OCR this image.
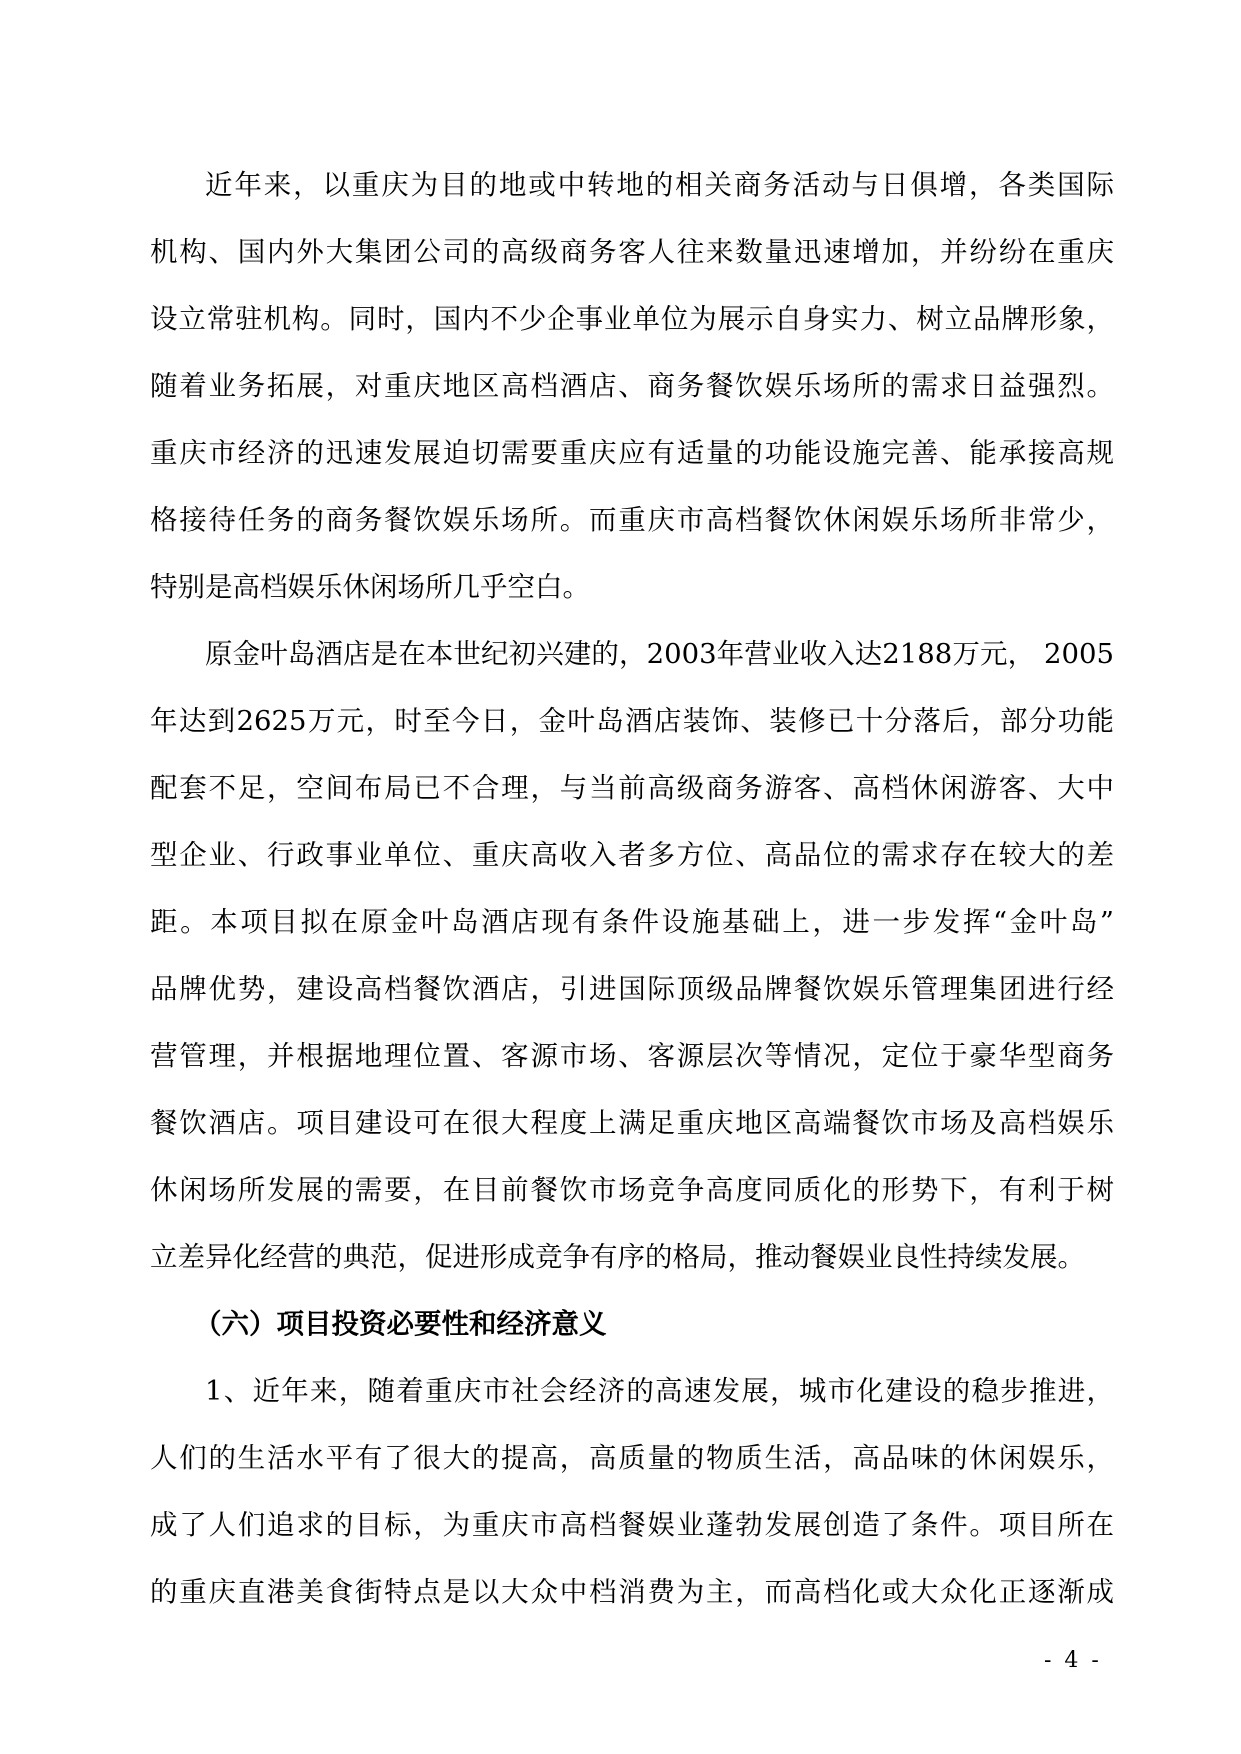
近年来，以重庆为目的地或中转地的相关商务活动与日俱增，各类国际
机构、国内外大集团公司的高级商务客人往来数量迅速增加，并纷纷在重庆
设立常驻机构。同时，国内不少企事业单位为展示自身实力、树立品牌形象，
随着业务拓展，对重庆地区高档酒店、商务餐饮娱乐场所的需求日益强烈。
重庆市经济的迅速发展迫切需要重庆应有适量的功能设施完善、能承接高规
格接待任务的商务餐饮娱乐场所。而重庆市高档餐饮休闲娱乐场所非常少，
特别是高档娱乐休闲场所几乎空白。
原金叶岛酒店是在本世纪初兴建的，2003年营业收入达2188万元， 2005
年达到2625万元，时至今日，金叶岛酒店装饰、装修已十分落后，部分功能
配套不足，空间布局已不合理，与当前高级商务游客、高档休闲游客、大中
型企业、行政事业单位、重庆高收入者多方位、高品位的需求存在较大的差
距。本项目拟在原金叶岛酒店现有条件设施基础上，进一步发挥“金叶岛”
品牌优势，建设高档餐饮酒店，引进国际顶级品牌餐饮娱乐管理集团进行经
营管理，并根据地理位置、客源市场、客源层次等情况，定位于豪华型商务
餐饮酒店。项目建设可在很大程度上满足重庆地区高端餐饮市场及高档娱乐
休闲场所发展的需要，在目前餐饮市场竞争高度同质化的形势下，有利于树
立差异化经营的典范，促进形成竞争有序的格局，推动餐娱业良性持续发展。
（六）项目投资必要性和经济意义
1、近年来，随着重庆市社会经济的高速发展，城市化建设的稳步推进，
人们的生活水平有了很大的提高，高质量的物质生活，高品味的休闲娱乐，
成了人们追求的目标，为重庆市高档餐娱业蓬勃发展创造了条件。项目所在
的重庆直港美食街特点是以大众中档消费为主，而高档化或大众化正逐渐成
- 4 -
